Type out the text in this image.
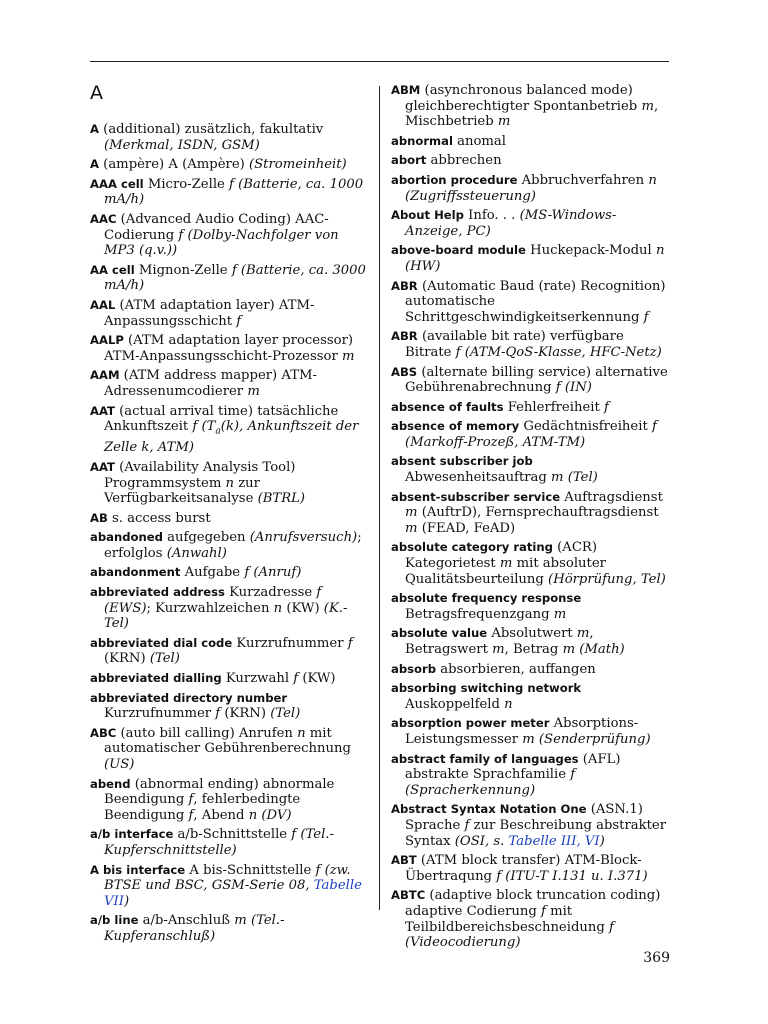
A

A (additional) zusätzlich, fakultativ (Merkmal, ISDN, GSM)

A (ampère) A (Ampère) (Stromeinheit)

AAA cell Micro-Zelle f (Batterie, ca. 1000 mA/h)

AAC (Advanced Audio Coding) AAC-Codierung f (Dolby-Nachfolger von MP3 (q.v.))

AA cell Mignon-Zelle f (Batterie, ca. 3000 mA/h)

AAL (ATM adaptation layer) ATM-Anpassungsschicht f

AALP (ATM adaptation layer processor) ATM-Anpassungsschicht-Prozessor m

AAM (ATM address mapper) ATM-Adressenumcodierer m

AAT (actual arrival time) tatsächliche Ankunftszeit f ($T_a(k)$, Ankunftszeit der Zelle k, ATM)

AAT (Availability Analysis Tool) Programmsystem n zur Verfügbarkeitsanalyse (BTRL)

AB s. access burst

abandoned aufgegeben (Anrufsversuch); erfolglos (Anwahl)

abandonment Aufgabe f (Anruf)

abbreviated address Kurzadresse f (EWS); Kurzwahlzeichen n (KW) (K.-Tel)

abbreviated dial code Kurzrufnummer f (KRN) (Tel)

abbreviated dialling Kurzwahl f (KW)

abbreviated directory number Kurzrufnummer f (KRN) (Tel)

ABC (auto bill calling) Anrufen n mit automatischer Gebührenberechnung (US)

abend (abnormal ending) abnormale Beendigung f, fehlerbedingte Beendigung f, Abend n (DV)

a/b interface a/b-Schnittstelle f (Tel.-Kupferschnittstelle)

A bis interface A bis-Schnittstelle f (zw. BTSE und BSC, GSM-Serie 08, Tabelle VII)

a/b line a/b-Anschluß m (Tel.-Kupferanschluß)

ABM (asynchronous balanced mode) gleichberechtigter Spontanbetrieb m, Mischbetrieb m

abnormal anomal

abort abbrechen

abortion procedure Abbruchverfahren n (Zugriffssteuerung)

About Help Info. . . (MS-Windows-Anzeige, PC)

above-board module Huckepack-Modul n (HW)

ABR (Automatic Baud (rate) Recognition) automatische Schrittgeschwindigkeitserkennung f

ABR (available bit rate) verfügbare Bitrate f (ATM-QoS-Klasse, HFC-Netz)

ABS (alternate billing service) alternative Gebührenabrechnung f (IN)

absence of faults Fehlerfreiheit f

absence of memory Gedächtnisfreiheit f (Markoff-Prozeß, ATM-TM)

absent subscriber job Abwesenheitsauftrag m (Tel)

absent-subscriber service Auftragsdienst m (AuftrD), Fernsprechauftragsdienst m (FEAD, FeAD)

absolute category rating (ACR) Kategorietest m mit absoluter Qualitätsbeurteilung (Hörprüfung, Tel)

absolute frequency response Betragsfrequenzgang m

absolute value Absolutwert m, Betragswert m, Betrag m (Math)

absorb absorbieren, auffangen

absorbing switching network Auskoppelfeld n

absorption power meter Absorptions-Leistungsmesser m (Senderprüfung)

abstract family of languages (AFL) abstrakte Sprachfamilie f (Spracherkennung)

Abstract Syntax Notation One (ASN.1) Sprache f zur Beschreibung abstrakter Syntax (OSI, s. Tabelle III, VI)

ABT (ATM block transfer) ATM-Block-Übertraqung f (ITU-T I.131 u. I.371)

ABTC (adaptive block truncation coding) adaptive Codierung f mit Teilbildbereichsbeschneidung f (Videocodierung)

369
